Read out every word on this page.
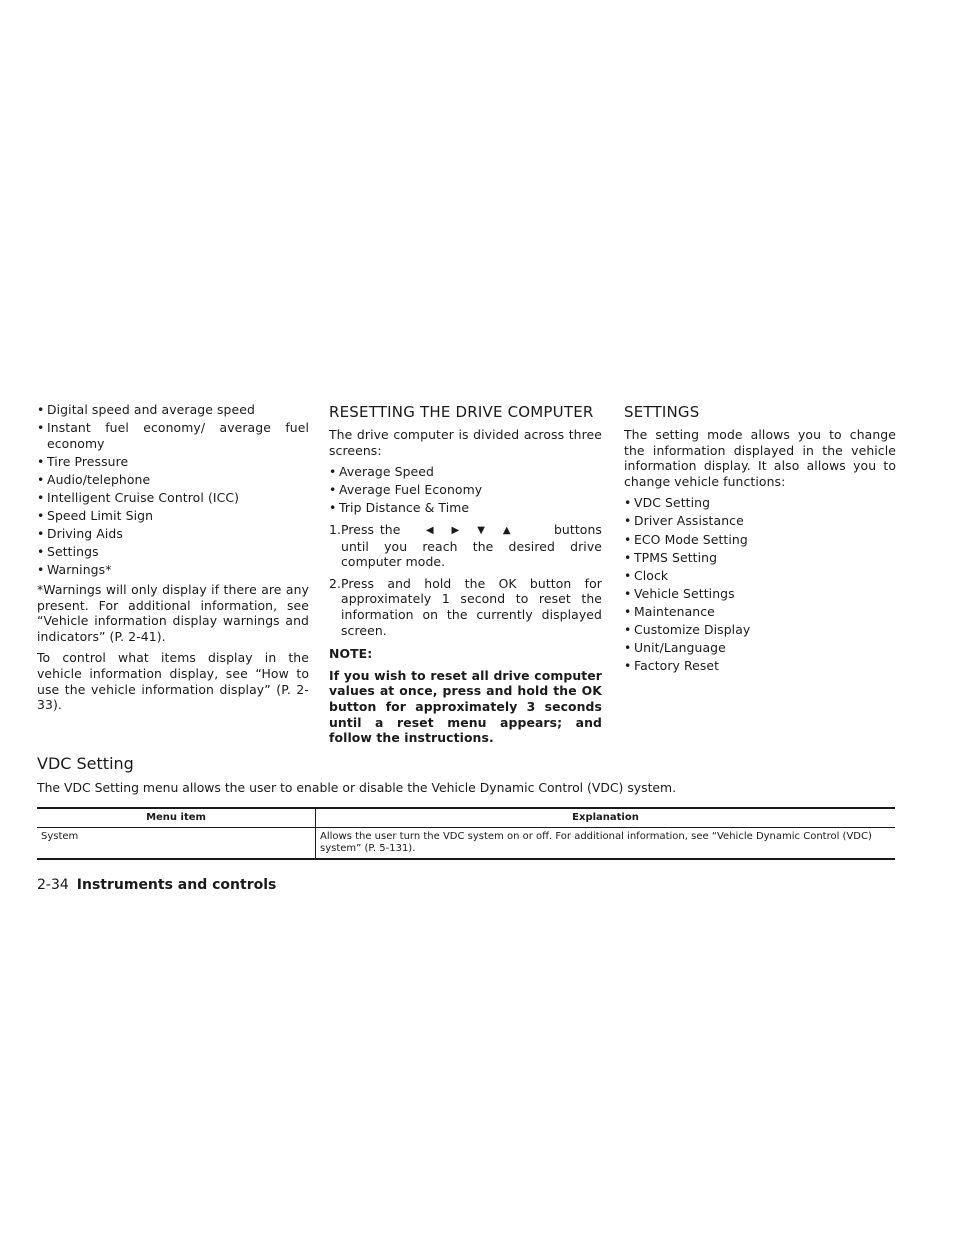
• Digital speed and average speed
• Instant fuel economy/ average fuel economy
• Tire Pressure
• Audio/telephone
• Intelligent Cruise Control (ICC)
• Speed Limit Sign
• Driving Aids
• Settings
• Warnings*

*Warnings will only display if there are any present. For additional information, see “Vehicle information display warnings and indicators” (P. 2-41).

To control what items display in the vehicle information display, see “How to use the vehicle information display” (P. 2-33).

RESETTING THE DRIVE COMPUTER

The drive computer is divided across three screens:

• Average Speed
• Average Fuel Economy
• Trip Distance & Time
1.Press the	◀▶▼▲ buttons until you reach the desired drive computer mode.
2.Press and hold the OK button for approximately 1 second to reset the information on the currently displayed screen.
NOTE:
If you wish to reset all drive computer values at once, press and hold the OK button for approximately 3 seconds until a reset menu appears; and follow the instructions.
SETTINGS

The setting mode allows you to change the information displayed in the vehicle information display. It also allows you to change vehicle functions:

• VDC Setting
• Driver Assistance
• ECO Mode Setting
• TPMS Setting
• Clock
• Vehicle Settings
• Maintenance
• Customize Display
• Unit/Language
• Factory Reset
VDC Setting
The VDC Setting menu allows the user to enable or disable the Vehicle Dynamic Control (VDC) system.
Menu item	Explanation
System	Allows the user turn the VDC system on or off. For additional information, see “Vehicle Dynamic Control (VDC) system” (P. 5-131).
2-34 Instruments and controls
